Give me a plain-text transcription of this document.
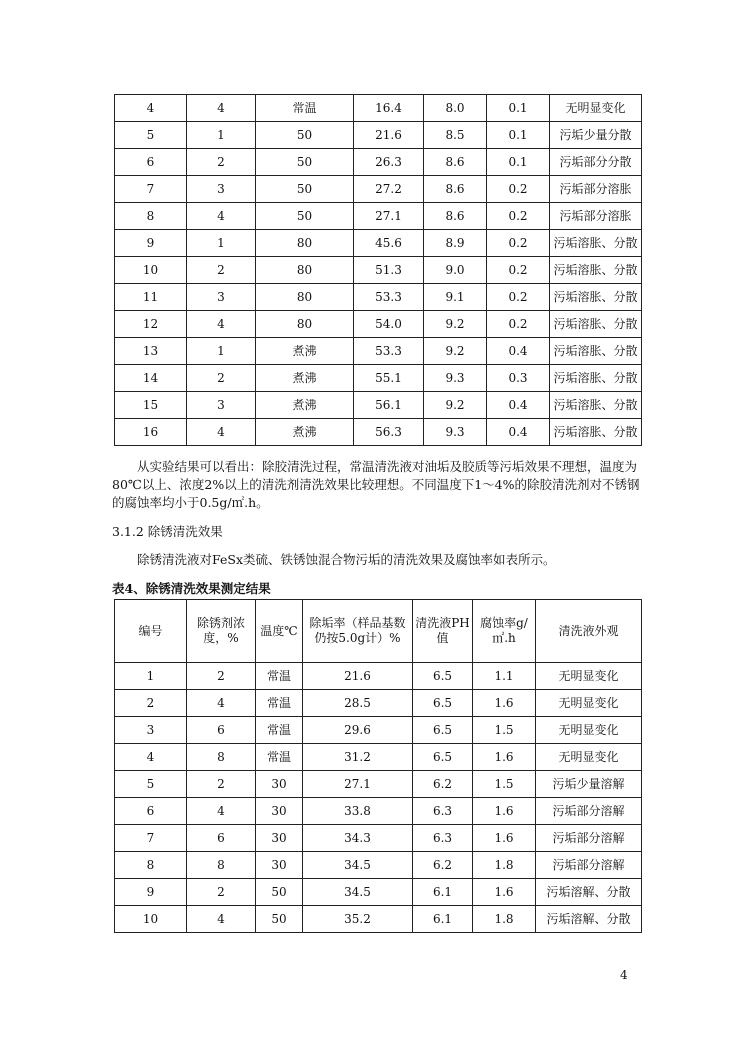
4	4	常温	16.4	8.0	0.1	无明显变化
5	1	50	21.6	8.5	0.1	污垢少量分散
6	2	50	26.3	8.6	0.1	污垢部分分散
7	3	50	27.2	8.6	0.2	污垢部分溶胀
8	4	50	27.1	8.6	0.2	污垢部分溶胀
9	1	80	45.6	8.9	0.2	污垢溶胀、分散
10	2	80	51.3	9.0	0.2	污垢溶胀、分散
11	3	80	53.3	9.1	0.2	污垢溶胀、分散
12	4	80	54.0	9.2	0.2	污垢溶胀、分散
13	1	煮沸	53.3	9.2	0.4	污垢溶胀、分散
14	2	煮沸	55.1	9.3	0.3	污垢溶胀、分散
15	3	煮沸	56.1	9.2	0.4	污垢溶胀、分散
16	4	煮沸	56.3	9.3	0.4	污垢溶胀、分散

从实验结果可以看出：除胶清洗过程，常温清洗液对油垢及胶质等污垢效果不理想，温度为80℃以上、浓度2%以上的清洗剂清洗效果比较理想。不同温度下1～4%的除胶清洗剂对不锈钢的腐蚀率均小于0.5g/㎡.h。

3.1.2 除锈清洗效果

除锈清洗液对FeSx类硫、铁锈蚀混合物污垢的清洗效果及腐蚀率如表所示。

表4、除锈清洗效果测定结果

编号	除锈剂浓度，%	温度℃	除垢率（样品基数仍按5.0g计）%	清洗液PH值	腐蚀率g/㎡.h	清洗液外观
1	2	常温	21.6	6.5	1.1	无明显变化
2	4	常温	28.5	6.5	1.6	无明显变化
3	6	常温	29.6	6.5	1.5	无明显变化
4	8	常温	31.2	6.5	1.6	无明显变化
5	2	30	27.1	6.2	1.5	污垢少量溶解
6	4	30	33.8	6.3	1.6	污垢部分溶解
7	6	30	34.3	6.3	1.6	污垢部分溶解
8	8	30	34.5	6.2	1.8	污垢部分溶解
9	2	50	34.5	6.1	1.6	污垢溶解、分散
10	4	50	35.2	6.1	1.8	污垢溶解、分散
4
